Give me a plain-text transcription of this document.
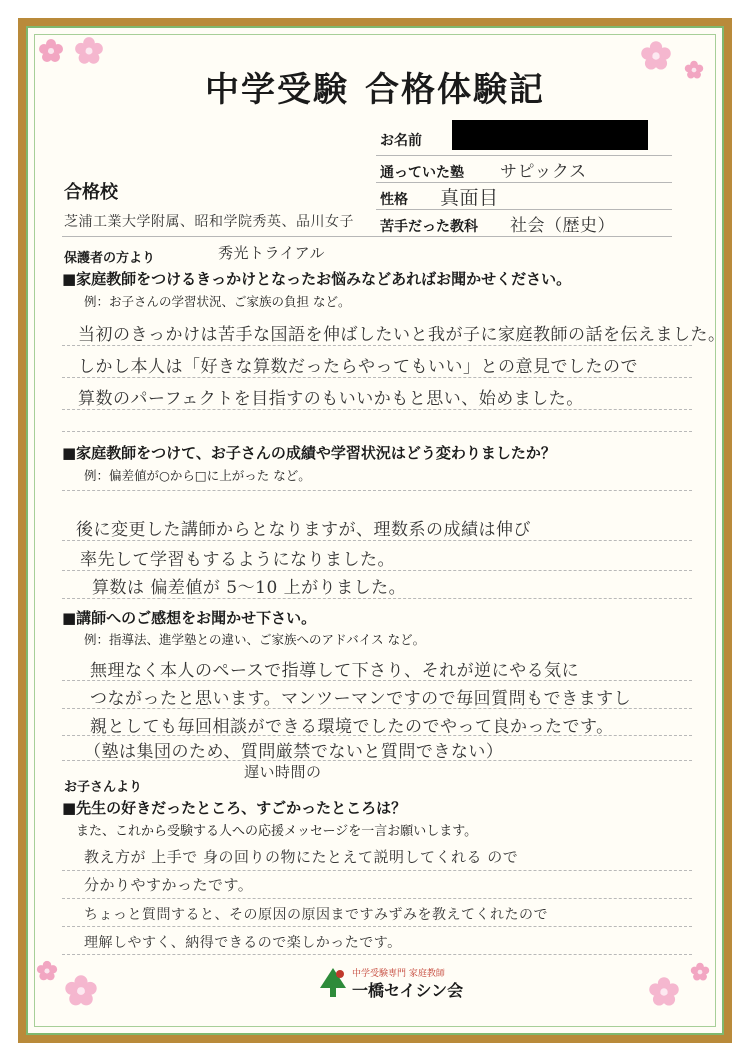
中学受験 合格体験記
お名前
通っていた塾 サピックス
性格 真面目
合格校
芝浦工業大学附属、昭和学院秀英、品川女子 苦手だった教科 社会（歴史）
保護者の方より	秀光トライアル
■家庭教師をつけるきっかけとなったお悩みなどあればお聞かせください。
例：お子さんの学習状況、ご家族の負担 など。
当初のきっかけは苦手な国語を伸ばしたいと我が子に家庭教師の話を伝えました。
しかし本人は「好きな算数だったらやってもいい」との意見でしたので
算数のパーフェクトを目指すのもいいかもと思い、始めました。
■家庭教師をつけて、お子さんの成績や学習状況はどう変わりましたか？
例：偏差値が○から□に上がった など。
後に変更した講師からとなりますが、理数系の成績は伸び
率先して学習もするようになりました。
算数は 偏差値が 5〜10 上がりました。
■講師へのご感想をお聞かせ下さい。
例：指導法、進学塾との違い、ご家族へのアドバイス など。
無理なく本人のペースで指導して下さり、それが逆にやる気に
つながったと思います。マンツーマンですので毎回質問もできますし
親としても毎回相談ができる環境でしたのでやって良かったです。
（塾は集団のため、質問厳禁でないと質問できない）
遅い時間の
お子さんより
■先生の好きだったところ、すごかったところは？
また、これから受験する人への応援メッセージを一言お願いします。
教え方が 上手で 身の回りの物にたとえて説明してくれる ので
分かりやすかったです。
ちょっと質問すると、その原因の原因まですみずみを教えてくれたので
理解しやすく、納得できるので楽しかったです。
中学受験専門 家庭教師
一橋セイシン会
